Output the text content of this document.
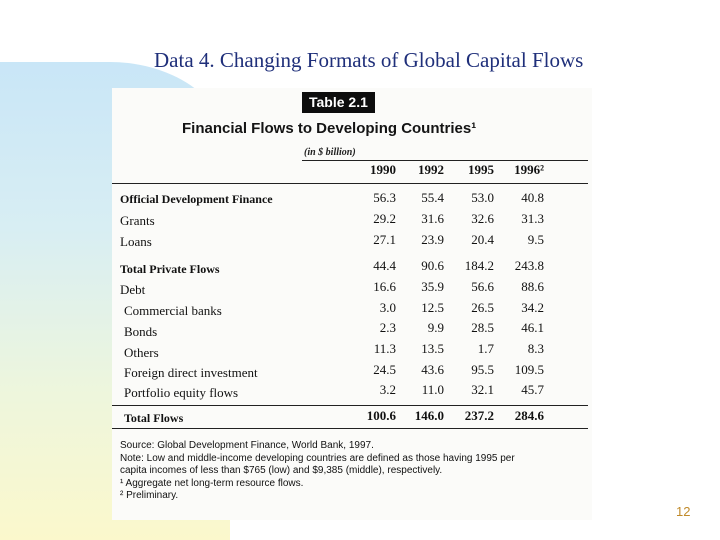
Data 4. Changing Formats of Global Capital Flows
Table 2.1
Financial Flows to Developing Countries¹
(in $ billion)
1990	1992	1995	1996²
Official Development Finance	56.3	55.4	53.0	40.8
Grants	29.2	31.6	32.6	31.3
Loans	27.1	23.9	20.4	9.5
Total Private Flows	44.4	90.6	184.2	243.8
Debt	16.6	35.9	56.6	88.6
Commercial banks	3.0	12.5	26.5	34.2
Bonds	2.3	9.9	28.5	46.1
Others	11.3	13.5	1.7	8.3
Foreign direct investment	24.5	43.6	95.5	109.5
Portfolio equity flows	3.2	11.0	32.1	45.7
Total Flows	100.6	146.0	237.2	284.6
Source: Global Development Finance, World Bank, 1997.
Note: Low and middle-income developing countries are defined as those having 1995 per
capita incomes of less than $765 (low) and $9,385 (middle), respectively.
¹ Aggregate net long-term resource flows.
² Preliminary.
12
